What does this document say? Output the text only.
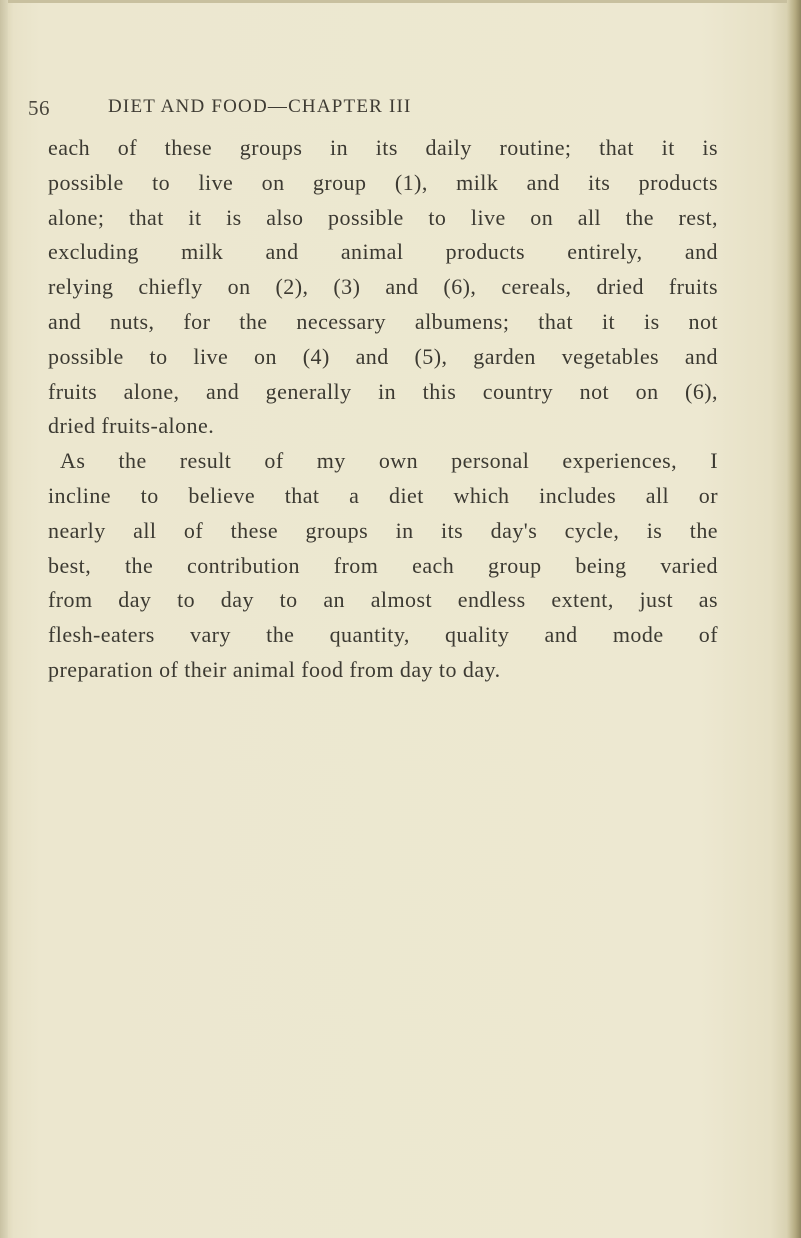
56	DIET AND FOOD—CHAPTER III
each of these groups in its daily routine; that it is
possible to live on group (1), milk and its products
alone; that it is also possible to live on all the rest,
excluding milk and animal products entirely, and
relying chiefly on (2), (3) and (6), cereals, dried fruits
and nuts, for the necessary albumens; that it is not
possible to live on (4) and (5), garden vegetables and
fruits alone, and generally in this country not on (6),
dried fruits-alone.
As the result of my own personal experiences, I
incline to believe that a diet which includes all or
nearly all of these groups in its day's cycle, is the
best, the contribution from each group being varied
from day to day to an almost endless extent, just as
flesh-eaters vary the quantity, quality and mode of
preparation of their animal food from day to day.
